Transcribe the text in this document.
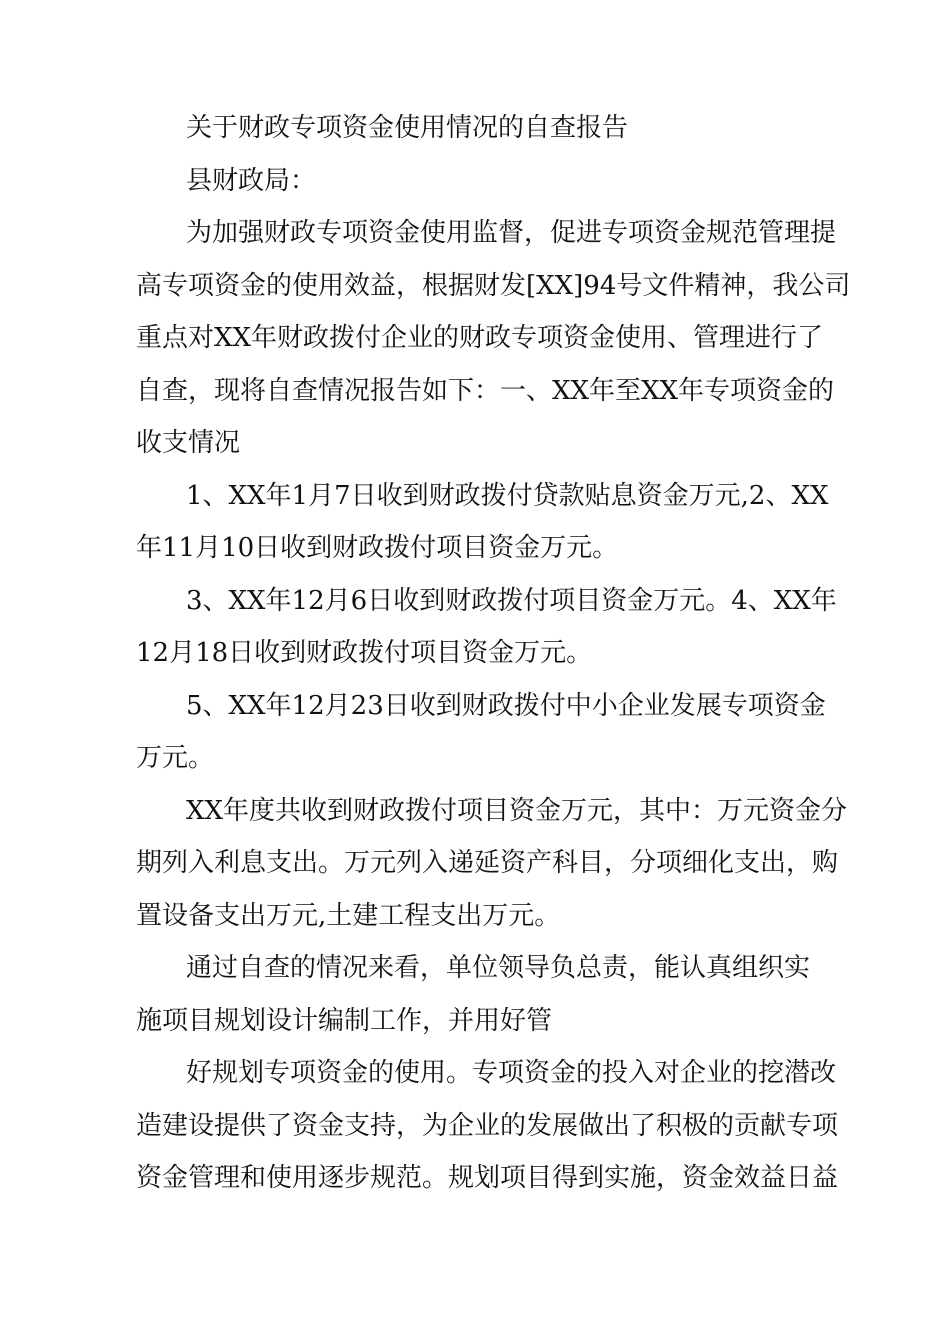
关于财政专项资金使用情况的自查报告
县财政局：
为加强财政专项资金使用监督，促进专项资金规范管理提
高专项资金的使用效益，根据财发[XX]94号文件精神，我公司
重点对XX年财政拨付企业的财政专项资金使用、管理进行了
自查，现将自查情况报告如下：一、XX年至XX年专项资金的
收支情况
1、XX年1月7日收到财政拨付贷款贴息资金万元,2、XX
年11月10日收到财政拨付项目资金万元。
3、XX年12月6日收到财政拨付项目资金万元。4、XX年
12月18日收到财政拨付项目资金万元。
5、XX年12月23日收到财政拨付中小企业发展专项资金
万元。
XX年度共收到财政拨付项目资金万元，其中：万元资金分
期列入利息支出。万元列入递延资产科目，分项细化支出，购
置设备支出万元,土建工程支出万元。
通过自查的情况来看，单位领导负总责，能认真组织实
施项目规划设计编制工作，并用好管
好规划专项资金的使用。专项资金的投入对企业的挖潜改
造建设提供了资金支持，为企业的发展做出了积极的贡献专项
资金管理和使用逐步规范。规划项目得到实施，资金效益日益
